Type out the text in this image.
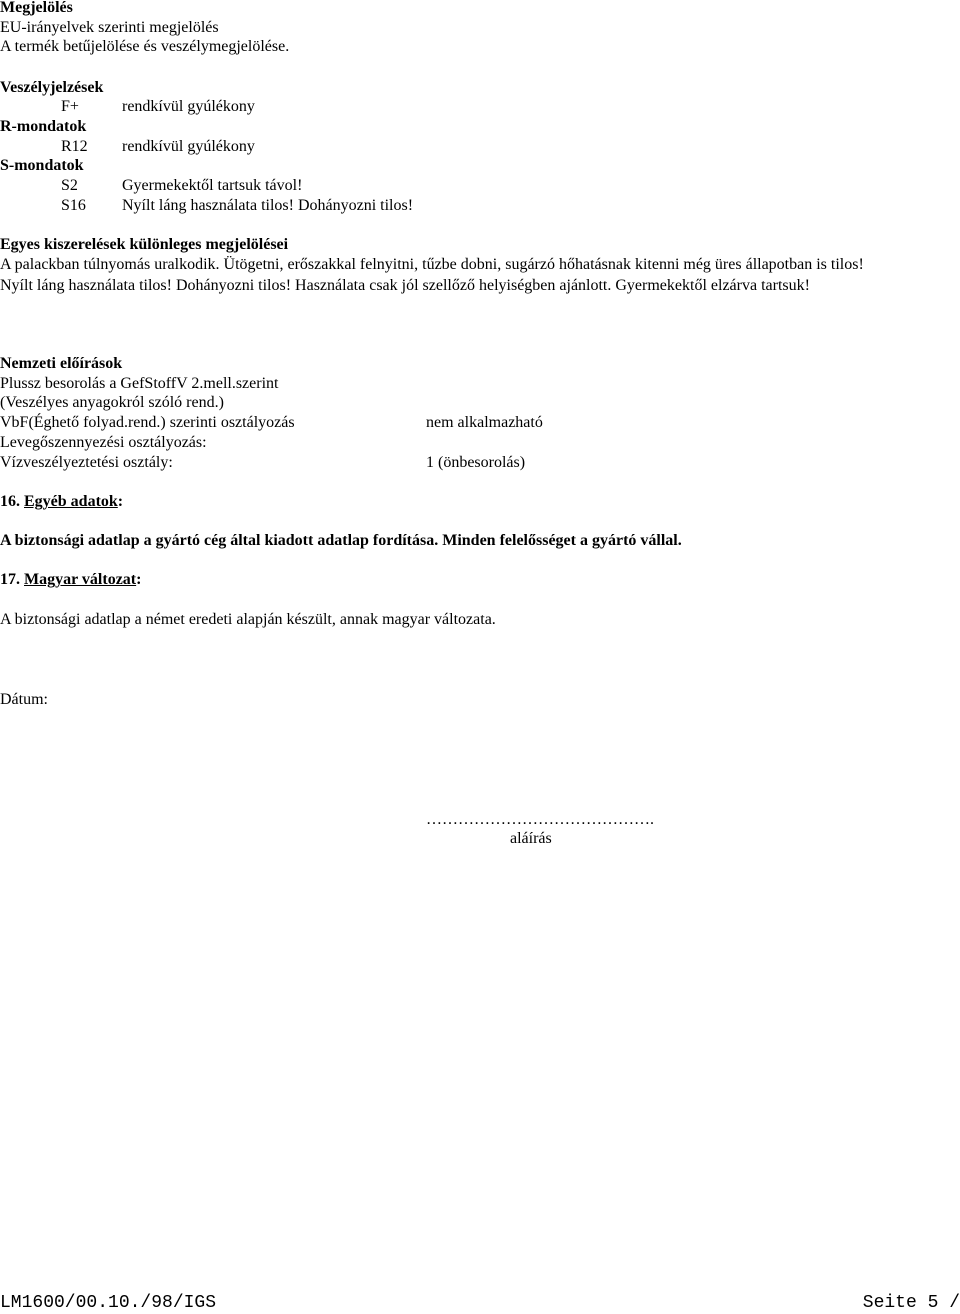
Megjelölés
EU-irányelvek szerinti megjelölés
A termék betűjelölése és veszélymegjelölése.
Veszélyjelzések
F+	rendkívül gyúlékony
R-mondatok
R12 rendkívül gyúlékony
S-mondatok
S2	Gyermekektől tartsuk távol!
S16 Nyílt láng használata tilos! Dohányozni tilos!
Egyes kiszerelések különleges megjelölései
A palackban túlnyomás uralkodik. Ütögetni, erőszakkal felnyitni, tűzbe dobni, sugárzó hőhatásnak kitenni még üres állapotban is tilos! Nyílt láng használata tilos! Dohányozni tilos! Használata csak jól szellőző helyiségben ajánlott. Gyermekektől elzárva tartsuk!
Nemzeti előírások
Plussz besorolás a GefStoffV 2.mell.szerint
(Veszélyes anyagokról szóló rend.)
VbF(Éghető folyad.rend.) szerinti osztályozás	nem alkalmazható
Levegőszennyezési osztályozás:
Vízveszélyeztetési osztály:	1 (önbesorolás)
16. Egyéb adatok:
A biztonsági adatlap a gyártó cég által kiadott adatlap fordítása. Minden felelősséget a gyártó vállal.
17. Magyar változat:
A biztonsági adatlap a német eredeti alapján készült, annak magyar változata.
Dátum:
…………………………………….
aláírás
LM1600/00.10./98/IGS	Seite 5 /
